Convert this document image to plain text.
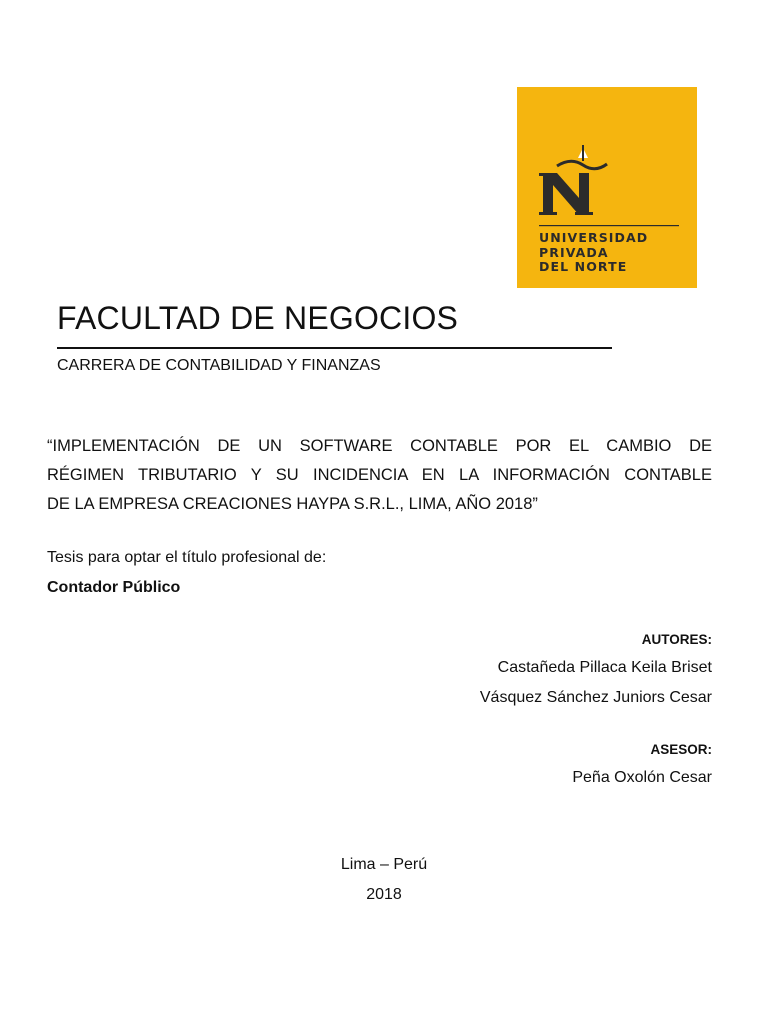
UNIVERSIDAD
PRIVADA
DEL NORTE
FACULTAD DE NEGOCIOS
CARRERA DE CONTABILIDAD Y FINANZAS
“IMPLEMENTACIÓN DE UN SOFTWARE CONTABLE POR EL CAMBIO DE
RÉGIMEN TRIBUTARIO Y SU INCIDENCIA EN LA INFORMACIÓN CONTABLE
DE LA EMPRESA CREACIONES HAYPA S.R.L., LIMA, AÑO 2018”
Tesis para optar el título profesional de:
Contador Público
AUTORES:
Castañeda Pillaca Keila Briset
Vásquez Sánchez Juniors Cesar
ASESOR:
Peña Oxolón Cesar
Lima – Perú
2018
